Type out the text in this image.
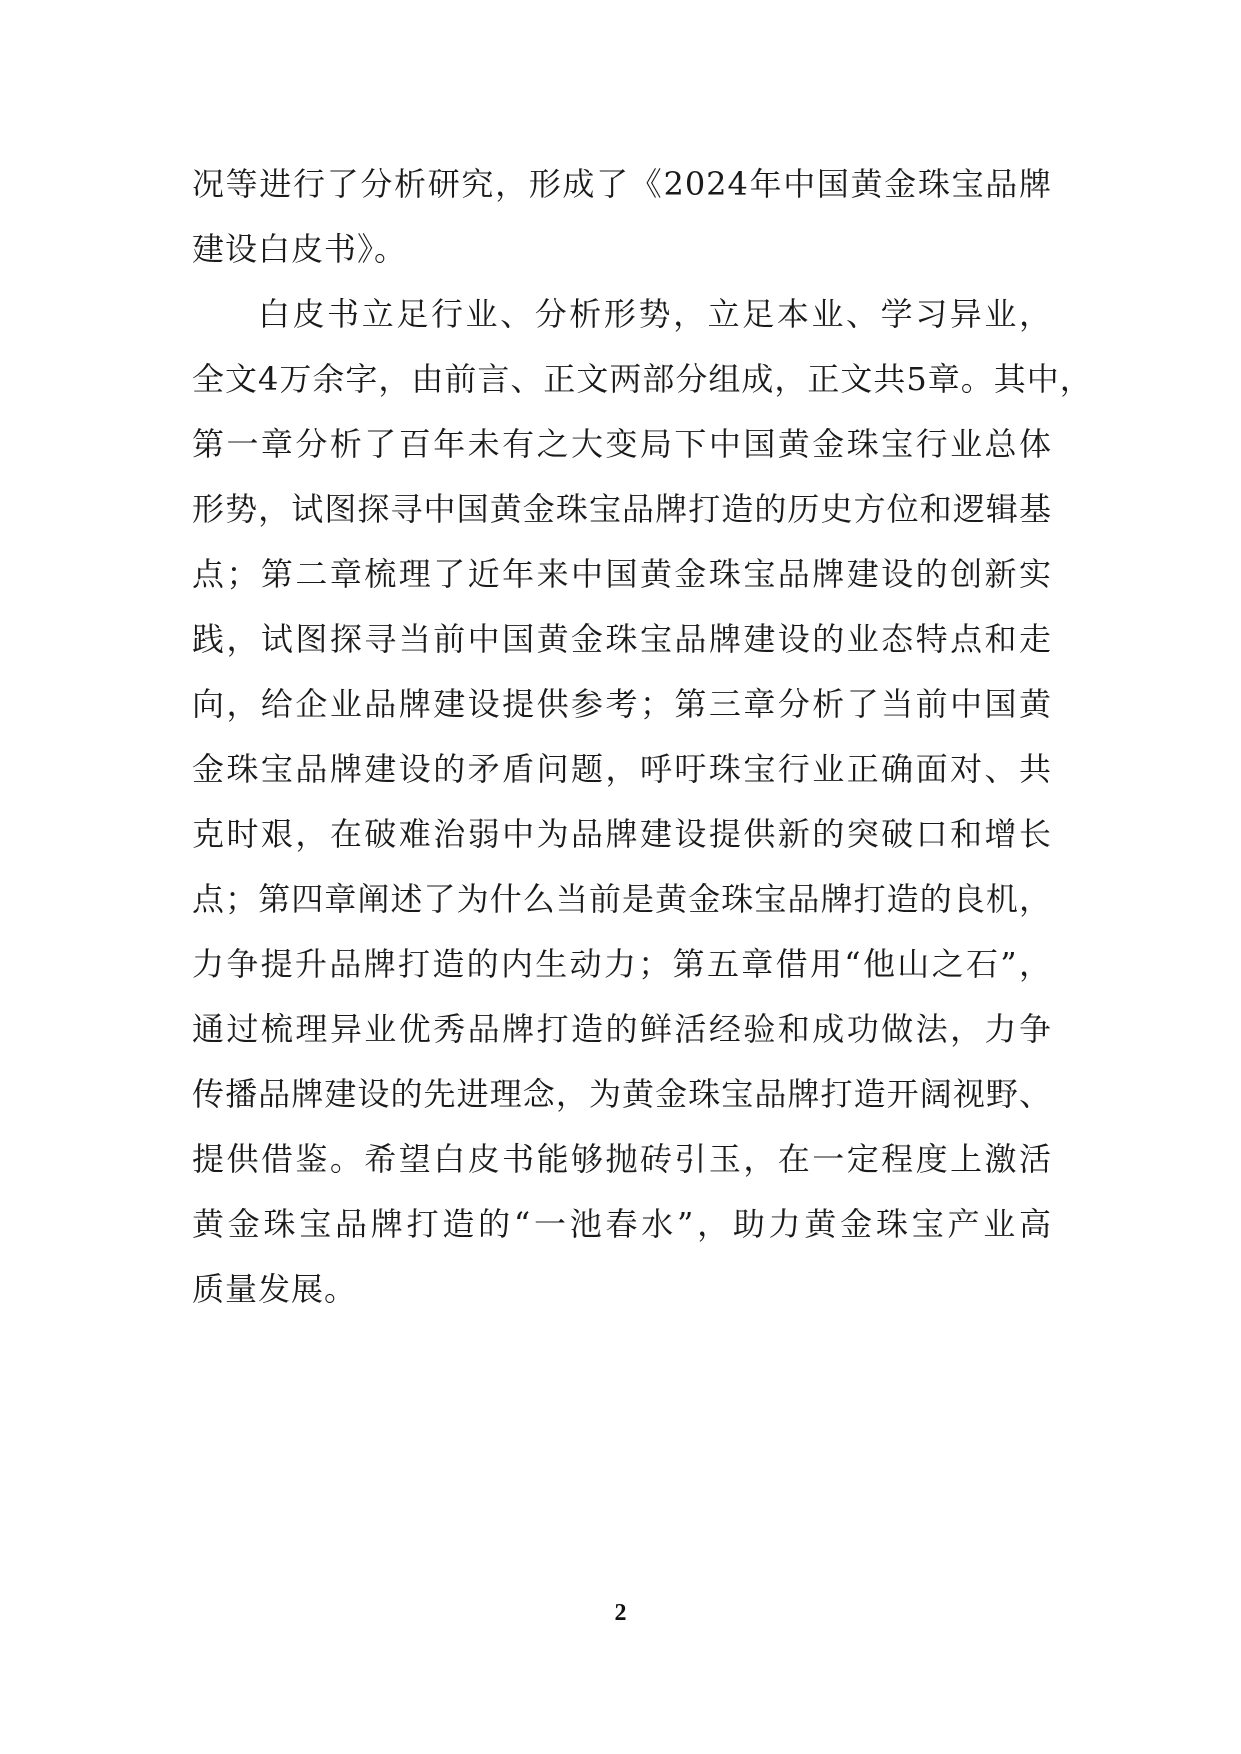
况等进行了分析研究，形成了《2024年中国黄金珠宝品牌
建设白皮书》。
白皮书立足行业、分析形势，立足本业、学习异业，
全文4万余字，由前言、正文两部分组成，正文共5章。其中，
第一章分析了百年未有之大变局下中国黄金珠宝行业总体
形势，试图探寻中国黄金珠宝品牌打造的历史方位和逻辑基
点；第二章梳理了近年来中国黄金珠宝品牌建设的创新实
践，试图探寻当前中国黄金珠宝品牌建设的业态特点和走
向，给企业品牌建设提供参考；第三章分析了当前中国黄
金珠宝品牌建设的矛盾问题，呼吁珠宝行业正确面对、共
克时艰，在破难治弱中为品牌建设提供新的突破口和增长
点；第四章阐述了为什么当前是黄金珠宝品牌打造的良机，
力争提升品牌打造的内生动力；第五章借用“他山之石”，
通过梳理异业优秀品牌打造的鲜活经验和成功做法，力争
传播品牌建设的先进理念，为黄金珠宝品牌打造开阔视野、
提供借鉴。希望白皮书能够抛砖引玉，在一定程度上激活
黄金珠宝品牌打造的“一池春水”，助力黄金珠宝产业高
质量发展。
2
